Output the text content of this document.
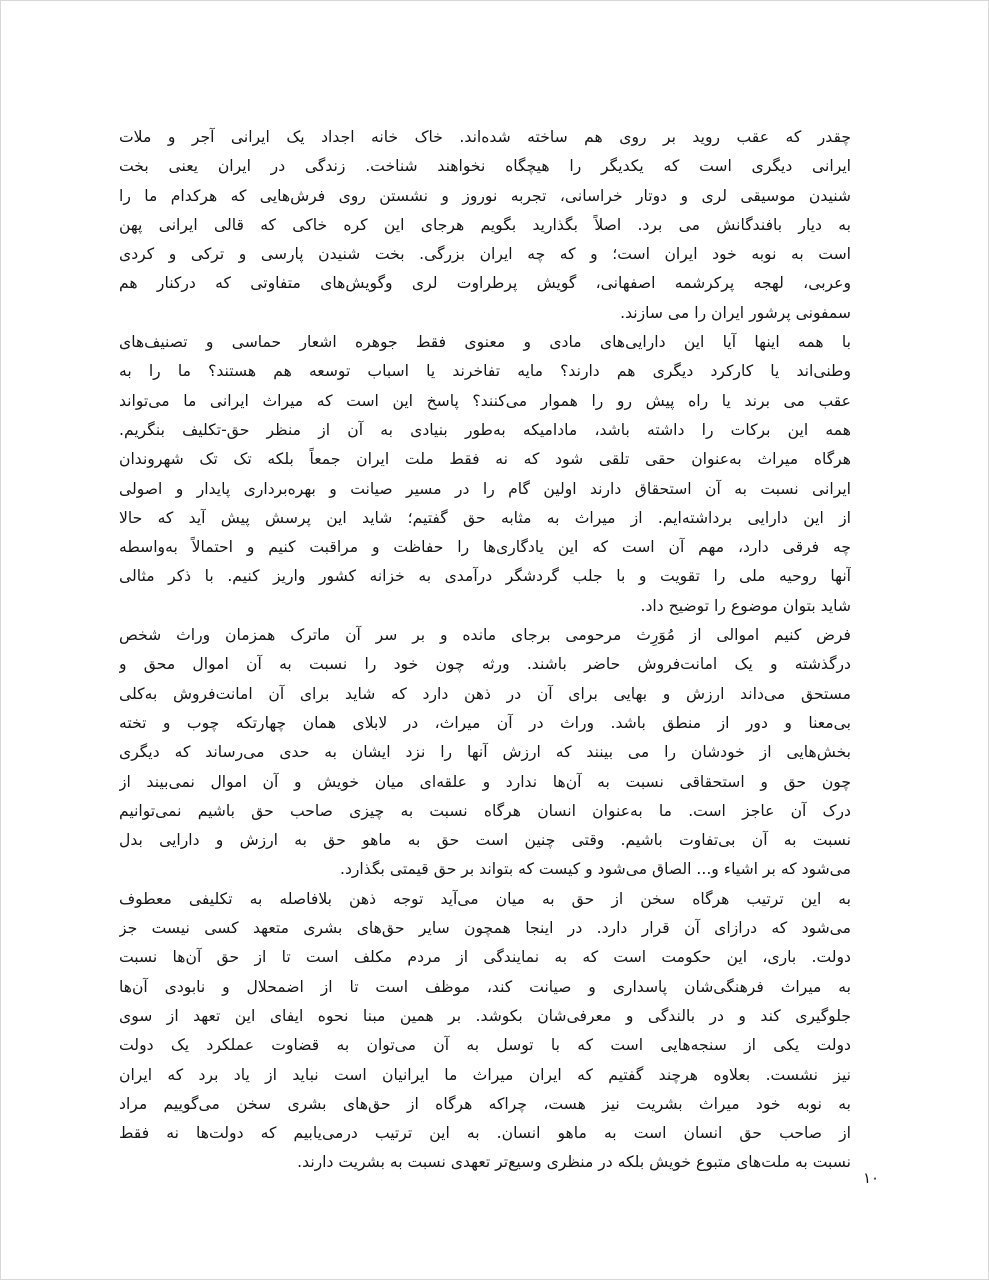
چقدر که عقب روید بر روی هم ساخته شده‌اند. خاک خانه اجداد یک ایرانی آجر و ملات
ایرانی دیگری است که یکدیگر را هیچگاه نخواهند شناخت. زندگی در ایران یعنی بخت
شنیدن موسیقی لری و دوتار خراسانی، تجربه نوروز و نشستن روی فرش‌هایی که هرکدام ما را
به دیار بافندگانش می برد. اصلاً بگذارید بگویم هرجای این کره خاکی که قالی ایرانی پهن
است به نوبه خود ایران است؛ و که چه ایران بزرگی. بخت شنیدن پارسی و ترکی و کردی
وعربی، لهجه پرکرشمه اصفهانی، گویش پرطراوت لری وگویش‌های متفاوتی که درکنار هم
سمفونی پرشور ایران را می سازند.
با همه اینها آیا این دارایی‌های مادی و معنوی فقط جوهره اشعار حماسی و تصنیف‌های
وطنی‌اند یا کارکرد دیگری هم دارند؟ مایه تفاخرند یا اسباب توسعه هم هستند؟ ما را به
عقب می برند یا راه پیش رو را هموار می‌کنند؟ پاسخ این است که میراث ایرانی ما می‌تواند
همه این برکات را داشته باشد، مادامیکه به‌طور بنیادی به آن از منظر حق-تکلیف بنگریم.
هرگاه میراث به‌عنوان حقی تلقی شود که نه فقط ملت ایران جمعاً بلکه تک تک شهروندان
ایرانی نسبت به آن استحقاق دارند اولین گام را در مسیر صیانت و بهره‌برداری پایدار و اصولی
از این دارایی برداشته‌ایم. از میراث به مثابه حق گفتیم؛ شاید این پرسش پیش آید که حالا
چه فرقی دارد، مهم آن است که این یادگاری‌ها را حفاظت و مراقبت کنیم و احتمالاً به‌واسطه
آنها روحیه ملی را تقویت و با جلب گردشگر درآمدی به خزانه کشور واریز کنیم. با ذکر مثالی
شاید بتوان موضوع را توضیح داد.
فرض کنیم اموالی از مُوَرِث مرحومی برجای مانده و بر سر آن ماترک همزمان وراث شخص
درگذشته و یک امانت‌فروش حاضر باشند. ورثه چون خود را نسبت به آن اموال محق و
مستحق می‌داند ارزش و بهایی برای آن در ذهن دارد که شاید برای آن امانت‌فروش به‌کلی
بی‌معنا و دور از منطق باشد. وراث در آن میراث، در لابلای همان چهارتکه چوب و تخته
بخش‌هایی از خودشان را می بینند که ارزش آنها را نزد ایشان به حدی می‌رساند که دیگری
چون حق و استحقاقی نسبت به آن‌ها ندارد و علقه‌ای میان خویش و آن اموال نمی‌بیند از
درک آن عاجز است. ما به‌عنوان انسان هرگاه نسبت به چیزی صاحب حق باشیم نمی‌توانیم
نسبت به آن بی‌تفاوت باشیم. وقتی چنین است حق به ماهو حق به ارزش و دارایی بدل
می‌شود که بر اشیاء و... الصاق می‌شود و کیست که بتواند بر حق قیمتی بگذارد.
به این ترتیب هرگاه سخن از حق به میان می‌آید توجه ذهن بلافاصله به تکلیفی معطوف
می‌شود که درازای آن قرار دارد. در اینجا همچون سایر حق‌های بشری متعهد کسی نیست جز
دولت. باری، این حکومت است که به نمایندگی از مردم مکلف است تا از حق آن‌ها نسبت
به میراث فرهنگی‌شان پاسداری و صیانت کند، موظف است تا از اضمحلال و نابودی آن‌ها
جلوگیری کند و در بالندگی و معرفی‌شان بکوشد. بر همین مبنا نحوه ایفای این تعهد از سوی
دولت یکی از سنجه‌هایی است که با توسل به آن می‌توان به قضاوت عملکرد یک دولت
نیز نشست. بعلاوه هرچند گفتیم که ایران میراث ما ایرانیان است نباید از یاد برد که ایران
به نوبه خود میراث بشریت نیز هست، چراکه هرگاه از حق‌های بشری سخن می‌گوییم مراد
از صاحب حق انسان است به ماهو انسان. به این ترتیب درمی‌یابیم که دولت‌ها نه فقط
نسبت به ملت‌های متبوع خویش بلکه در منظری وسیع‌تر تعهدی نسبت به بشریت دارند.
۱۰
